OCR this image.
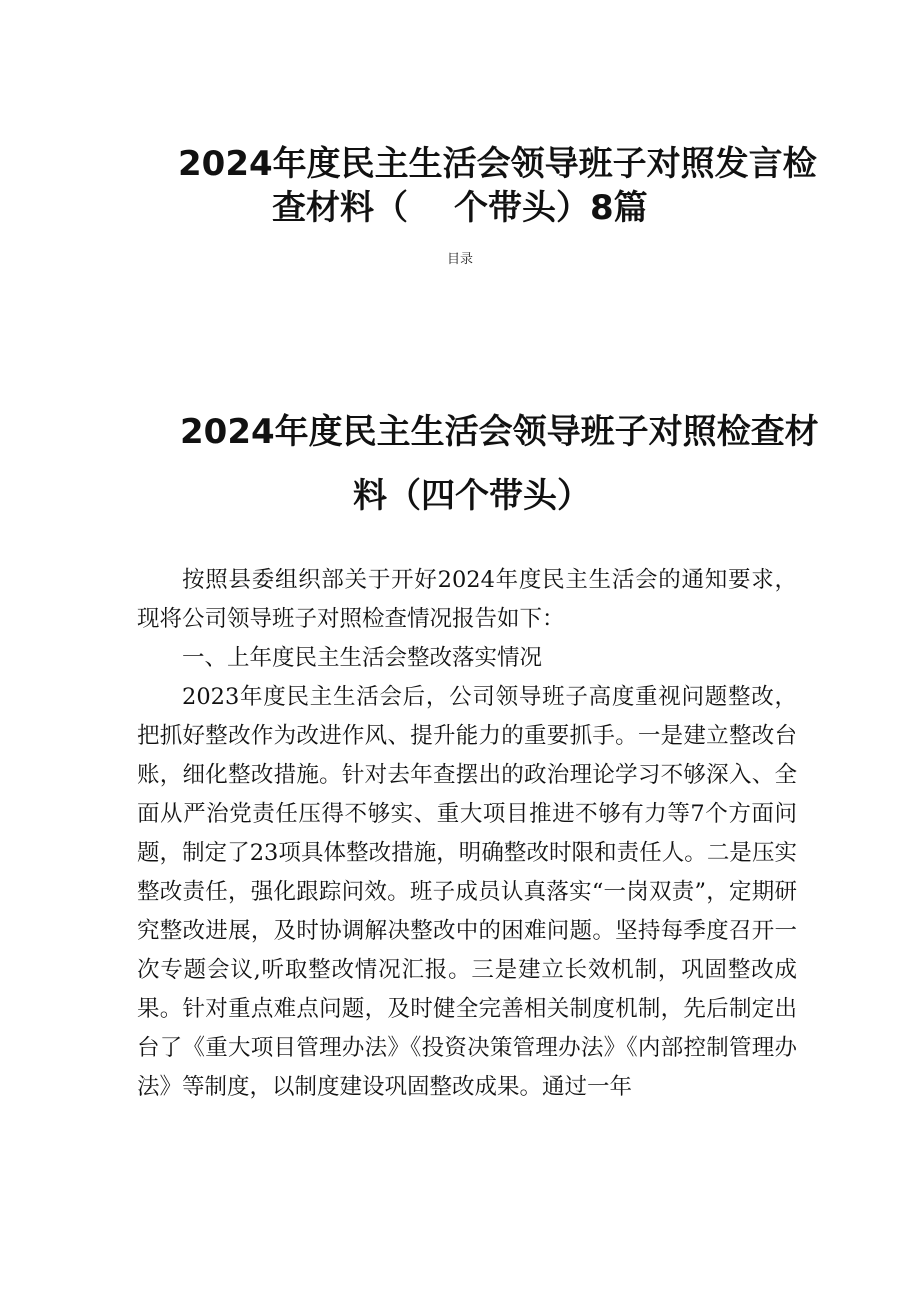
2024年度民主生活会领导班子对照发言检
查材料（ 个带头）8篇
目录
2024年度民主生活会领导班子对照检查材
料（四个带头）

按照县委组织部关于开好2024年度民主生活会的通知要求，现将公司领导班子对照检查情况报告如下：

一、上年度民主生活会整改落实情况

2023年度民主生活会后，公司领导班子高度重视问题整改，把抓好整改作为改进作风、提升能力的重要抓手。一是建立整改台账，细化整改措施。针对去年查摆出的政治理论学习不够深入、全面从严治党责任压得不够实、重大项目推进不够有力等7个方面问题，制定了23项具体整改措施，明确整改时限和责任人。二是压实整改责任，强化跟踪问效。班子成员认真落实“一岗双责”，定期研究整改进展，及时协调解决整改中的困难问题。坚持每季度召开一次专题会议,听取整改情况汇报。三是建立长效机制，巩固整改成果。针对重点难点问题，及时健全完善相关制度机制，先后制定出台了《重大项目管理办法》《投资决策管理办法》《内部控制管理办法》等制度，以制度建设巩固整改成果。通过一年
